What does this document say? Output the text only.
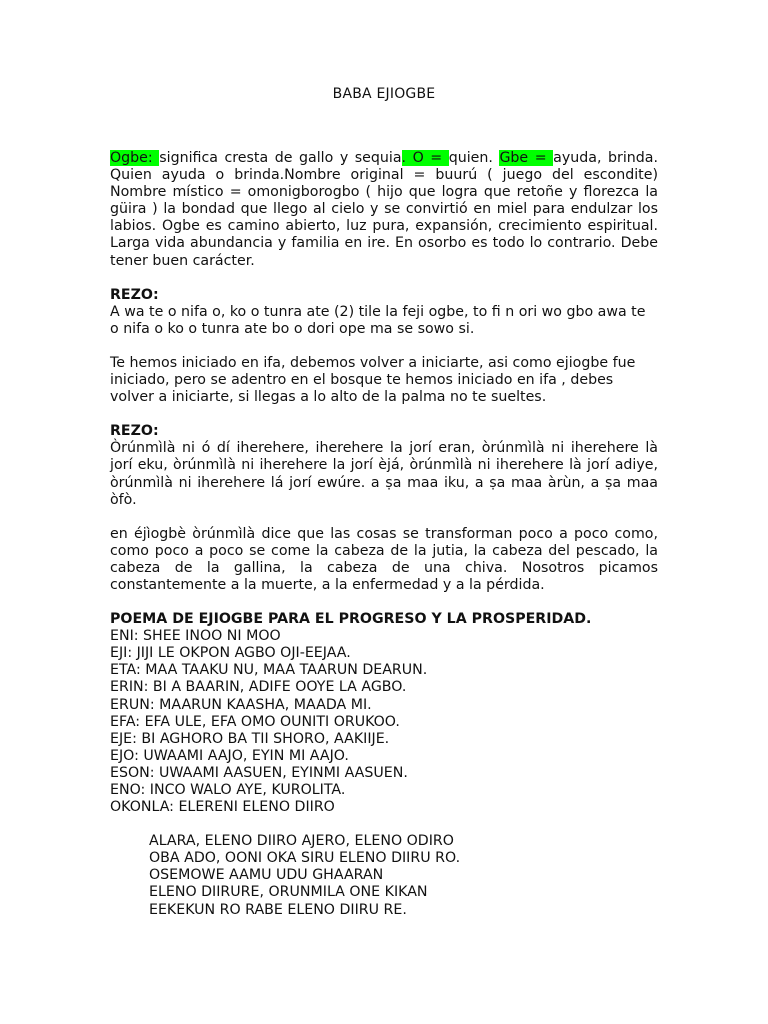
BABA EJIOGBE

Ogbe: significa cresta de gallo y sequia. O = quien. Gbe = ayuda, brinda. Quien ayuda o brinda.Nombre original = buurú ( juego del escondite) Nombre místico = omonigborogbo ( hijo que logra que retoñe y florezca la güira ) la bondad que llego al cielo y se convirtió en miel para endulzar los labios. Ogbe es camino abierto, luz pura, expansión, crecimiento espiritual. Larga vida abundancia y familia en ire. En osorbo es todo lo contrario. Debe tener buen carácter.

REZO:

A wa te o nifa o, ko o tunra ate (2) tile la feji ogbe, to fi n ori wo gbo awa te o nifa o ko o tunra ate bo o dori ope ma se sowo si.

Te hemos iniciado en ifa, debemos volver a iniciarte, asi como ejiogbe fue iniciado, pero se adentro en el bosque te hemos iniciado en ifa , debes volver a iniciarte, si llegas a lo alto de la palma no te sueltes.

REZO:

Òrúnmìlà ni ó dí iherehere, iherehere la jorí eran, òrúnmìlà ni iherehere là jorí eku, òrúnmìlà ni iherehere la jorí èjá, òrúnmìlà ni iherehere là jorí adiye, òrúnmìlà ni iherehere lá jorí ewúre. a ṣa maa iku, a ṣa maa àrùn, a ṣa maa òfò.

en éjìogbè òrúnmìlà dice que las cosas se transforman poco a poco como, como poco a poco se come la cabeza de la jutia, la cabeza del pescado, la cabeza de la gallina, la cabeza de una chiva. Nosotros picamos constantemente a la muerte, a la enfermedad y a la pérdida.

POEMA DE EJIOGBE PARA EL PROGRESO Y LA PROSPERIDAD.

ENI: SHEE INOO NI MOO

EJI: JIJI LE OKPON AGBO OJI-EEJAA.

ETA: MAA TAAKU NU, MAA TAARUN DEARUN.

ERIN: BI A BAARIN, ADIFE OOYE LA AGBO.

ERUN: MAARUN KAASHA, MAADA MI.

EFA: EFA ULE, EFA OMO OUNITI ORUKOO.

EJE: BI AGHORO BA TII SHORO, AAKIIJE.

EJO: UWAAMI AAJO, EYIN MI AAJO.

ESON: UWAAMI AASUEN, EYINMI AASUEN.

ENO: INCO WALO AYE, KUROLITA.

OKONLA: ELERENI ELENO DIIRO

ALARA, ELENO DIIRO AJERO, ELENO ODIRO

OBA ADO, OONI OKA SIRU ELENO DIIRU RO.

OSEMOWE AAMU UDU GHAARAN

ELENO DIIRURE, ORUNMILA ONE KIKAN

EEKEKUN RO RABE ELENO DIIRU RE.
